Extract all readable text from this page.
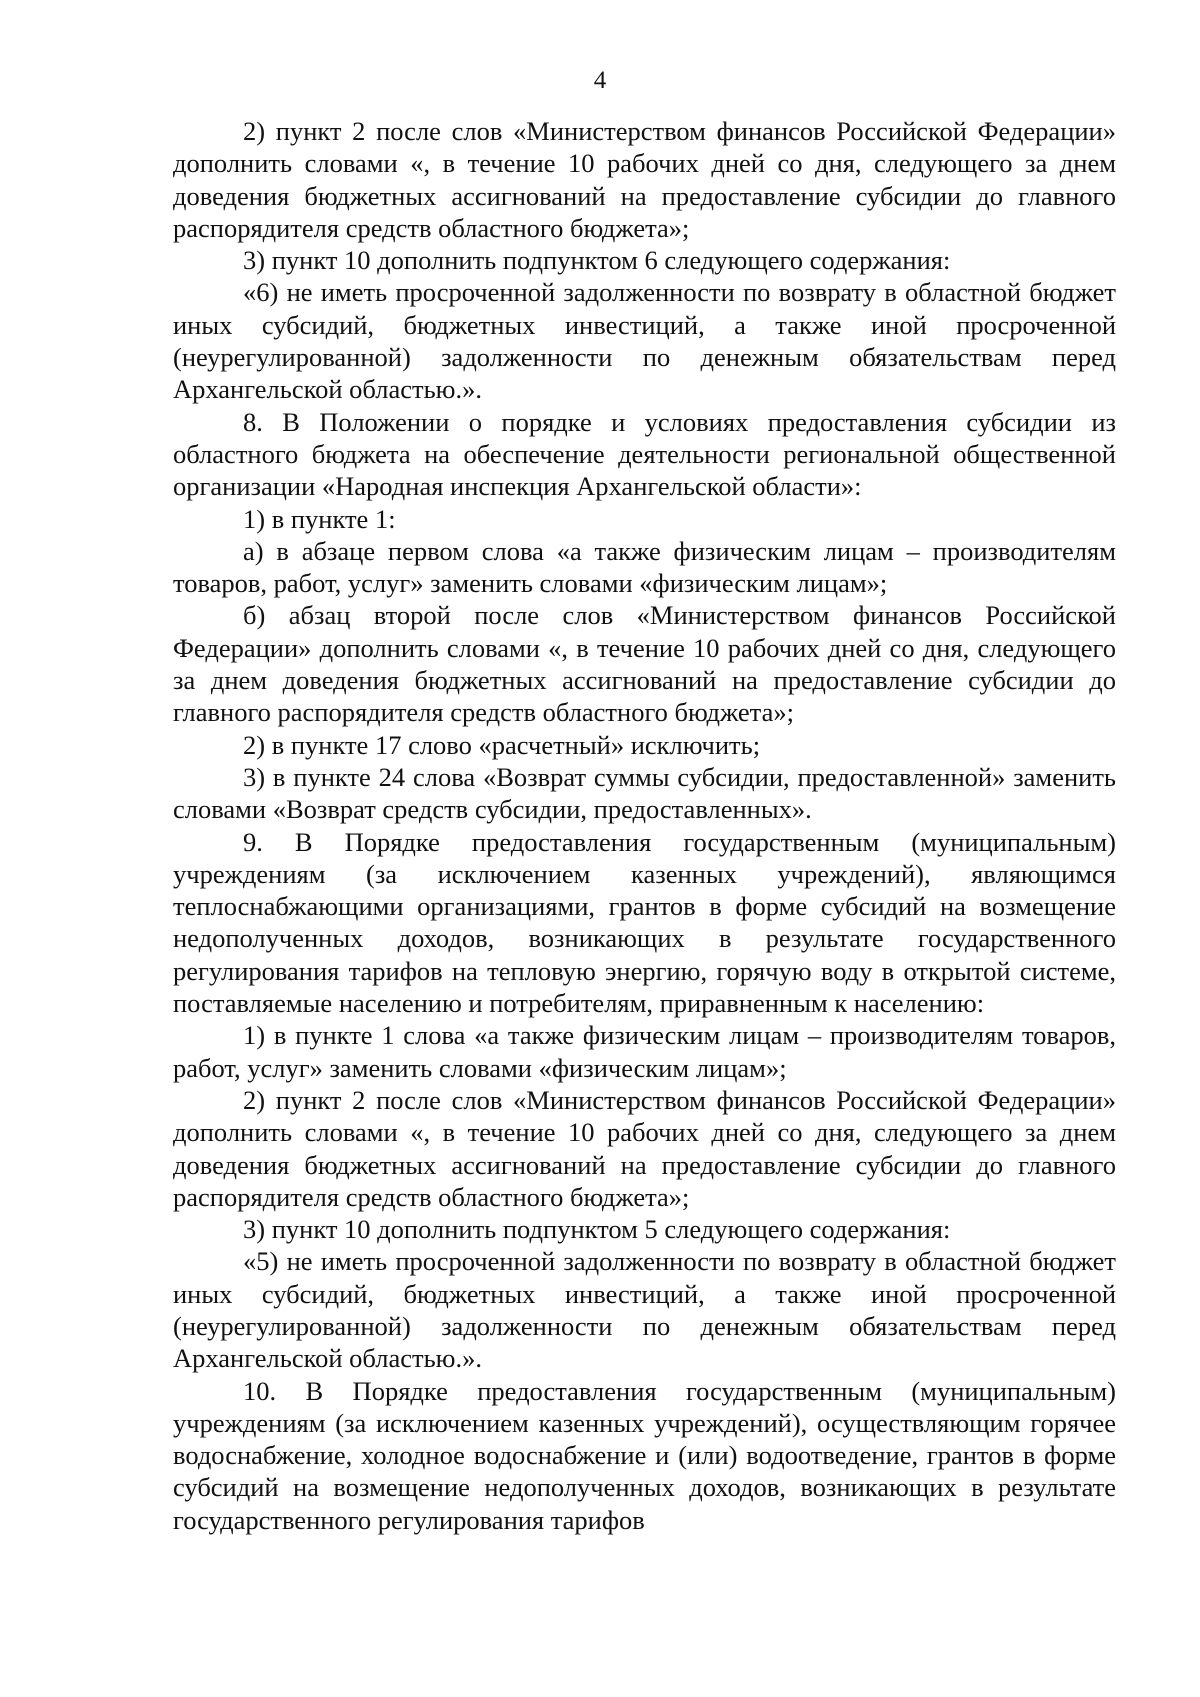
4

2) пункт 2 после слов «Министерством финансов Российской Федерации» дополнить словами «, в течение 10 рабочих дней со дня, следующего за днем доведения бюджетных ассигнований на предоставление субсидии до главного распорядителя средств областного бюджета»;

3) пункт 10 дополнить подпунктом 6 следующего содержания:

«6) не иметь просроченной задолженности по возврату в областной бюджет иных субсидий, бюджетных инвестиций, а также иной просроченной (неурегулированной) задолженности по денежным обязательствам перед Архангельской областью.».

8. В Положении о порядке и условиях предоставления субсидии из областного бюджета на обеспечение деятельности региональной общественной организации «Народная инспекция Архангельской области»:

1) в пункте 1:

а) в абзаце первом слова «а также физическим лицам – производителям товаров, работ, услуг» заменить словами «физическим лицам»;

б) абзац второй после слов «Министерством финансов Российской Федерации» дополнить словами «, в течение 10 рабочих дней со дня, следующего за днем доведения бюджетных ассигнований на предоставление субсидии до главного распорядителя средств областного бюджета»;

2) в пункте 17 слово «расчетный» исключить;

3) в пункте 24 слова «Возврат суммы субсидии, предоставленной» заменить словами «Возврат средств субсидии, предоставленных».

9. В Порядке предоставления государственным (муниципальным) учреждениям (за исключением казенных учреждений), являющимся теплоснабжающими организациями, грантов в форме субсидий на возмещение недополученных доходов, возникающих в результате государственного регулирования тарифов на тепловую энергию, горячую воду в открытой системе, поставляемые населению и потребителям, приравненным к населению:

1) в пункте 1 слова «а также физическим лицам – производителям товаров, работ, услуг» заменить словами «физическим лицам»;

2) пункт 2 после слов «Министерством финансов Российской Федерации» дополнить словами «, в течение 10 рабочих дней со дня, следующего за днем доведения бюджетных ассигнований на предоставление субсидии до главного распорядителя средств областного бюджета»;

3) пункт 10 дополнить подпунктом 5 следующего содержания:

«5) не иметь просроченной задолженности по возврату в областной бюджет иных субсидий, бюджетных инвестиций, а также иной просроченной (неурегулированной) задолженности по денежным обязательствам перед Архангельской областью.».

10. В Порядке предоставления государственным (муниципальным) учреждениям (за исключением казенных учреждений), осуществляющим горячее водоснабжение, холодное водоснабжение и (или) водоотведение, грантов в форме субсидий на возмещение недополученных доходов, возникающих в результате государственного регулирования тарифов
